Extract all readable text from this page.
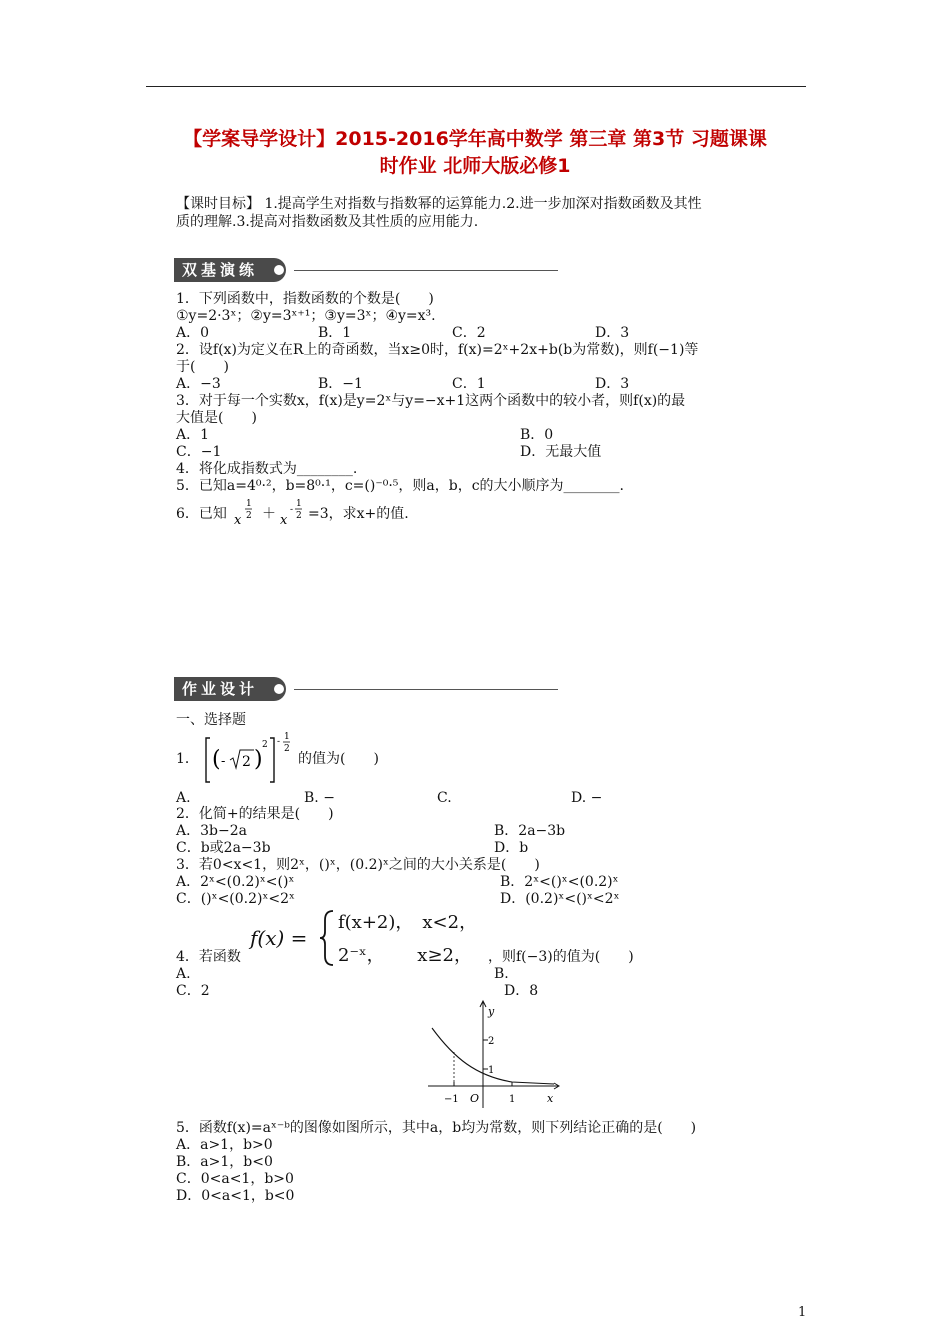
【学案导学设计】2015-2016学年高中数学 第三章 第3节 习题课课
时作业 北师大版必修1
【课时目标】 1.提高学生对指数与指数幂的运算能力.2.进一步加深对指数函数及其性
质的理解.3.提高对指数函数及其性质的应用能力.
双基演练
1．下列函数中，指数函数的个数是(　　)
①y=2·3ˣ；②y=3ˣ⁺¹；③y=3ˣ；④y=x³.
A．0	B．1	C．2	D．3
2．设f(x)为定义在R上的奇函数，当x≥0时，f(x)=2ˣ+2x+b(b为常数)，则f(−1)等
于(　　)
A．−3	B．−1	C．1	D．3
3．对于每一个实数x，f(x)是y=2ˣ与y=−x+1这两个函数中的较小者，则f(x)的最
大值是(　　)
A．1	B．0
C．−1	D．无最大值
4．将化成指数式为________.
5．已知a=4⁰·²，b=8⁰·¹，c=()⁻⁰·⁵，则a，b，c的大小顺序为________.
6．已知 x
1
2 x
-
1
2
＋ =3，求x+的值.
作业设计
一、选择题
1． ( - 2 )
2 - 1
2
的值为(　　)
A.	B. −	C.	D. −
2．化简+的结果是(　　)
A．3b−2a	B．2a−3b
C．b或2a−3b	D．b
3．若0<x<1，则2ˣ，()ˣ，(0.2)ˣ之间的大小关系是(　　)
A．2ˣ<(0.2)ˣ<()ˣ	B．2ˣ<()ˣ<(0.2)ˣ
C．()ˣ<(0.2)ˣ<2ˣ	D．(0.2)ˣ<()ˣ<2ˣ
f(x) =
f(x+2)，　x<2，
2⁻ˣ，　　 x≥2，
4．若函数	，则f(−3)的值为(　　)
A.	B.
C．2	D．8
y
x
O
2
1
−1	1
5．函数f(x)=aˣ⁻ᵇ的图像如图所示，其中a，b均为常数，则下列结论正确的是(　　)
A．a>1，b>0
B．a>1，b<0
C．0<a<1，b>0
D．0<a<1，b<0
1
